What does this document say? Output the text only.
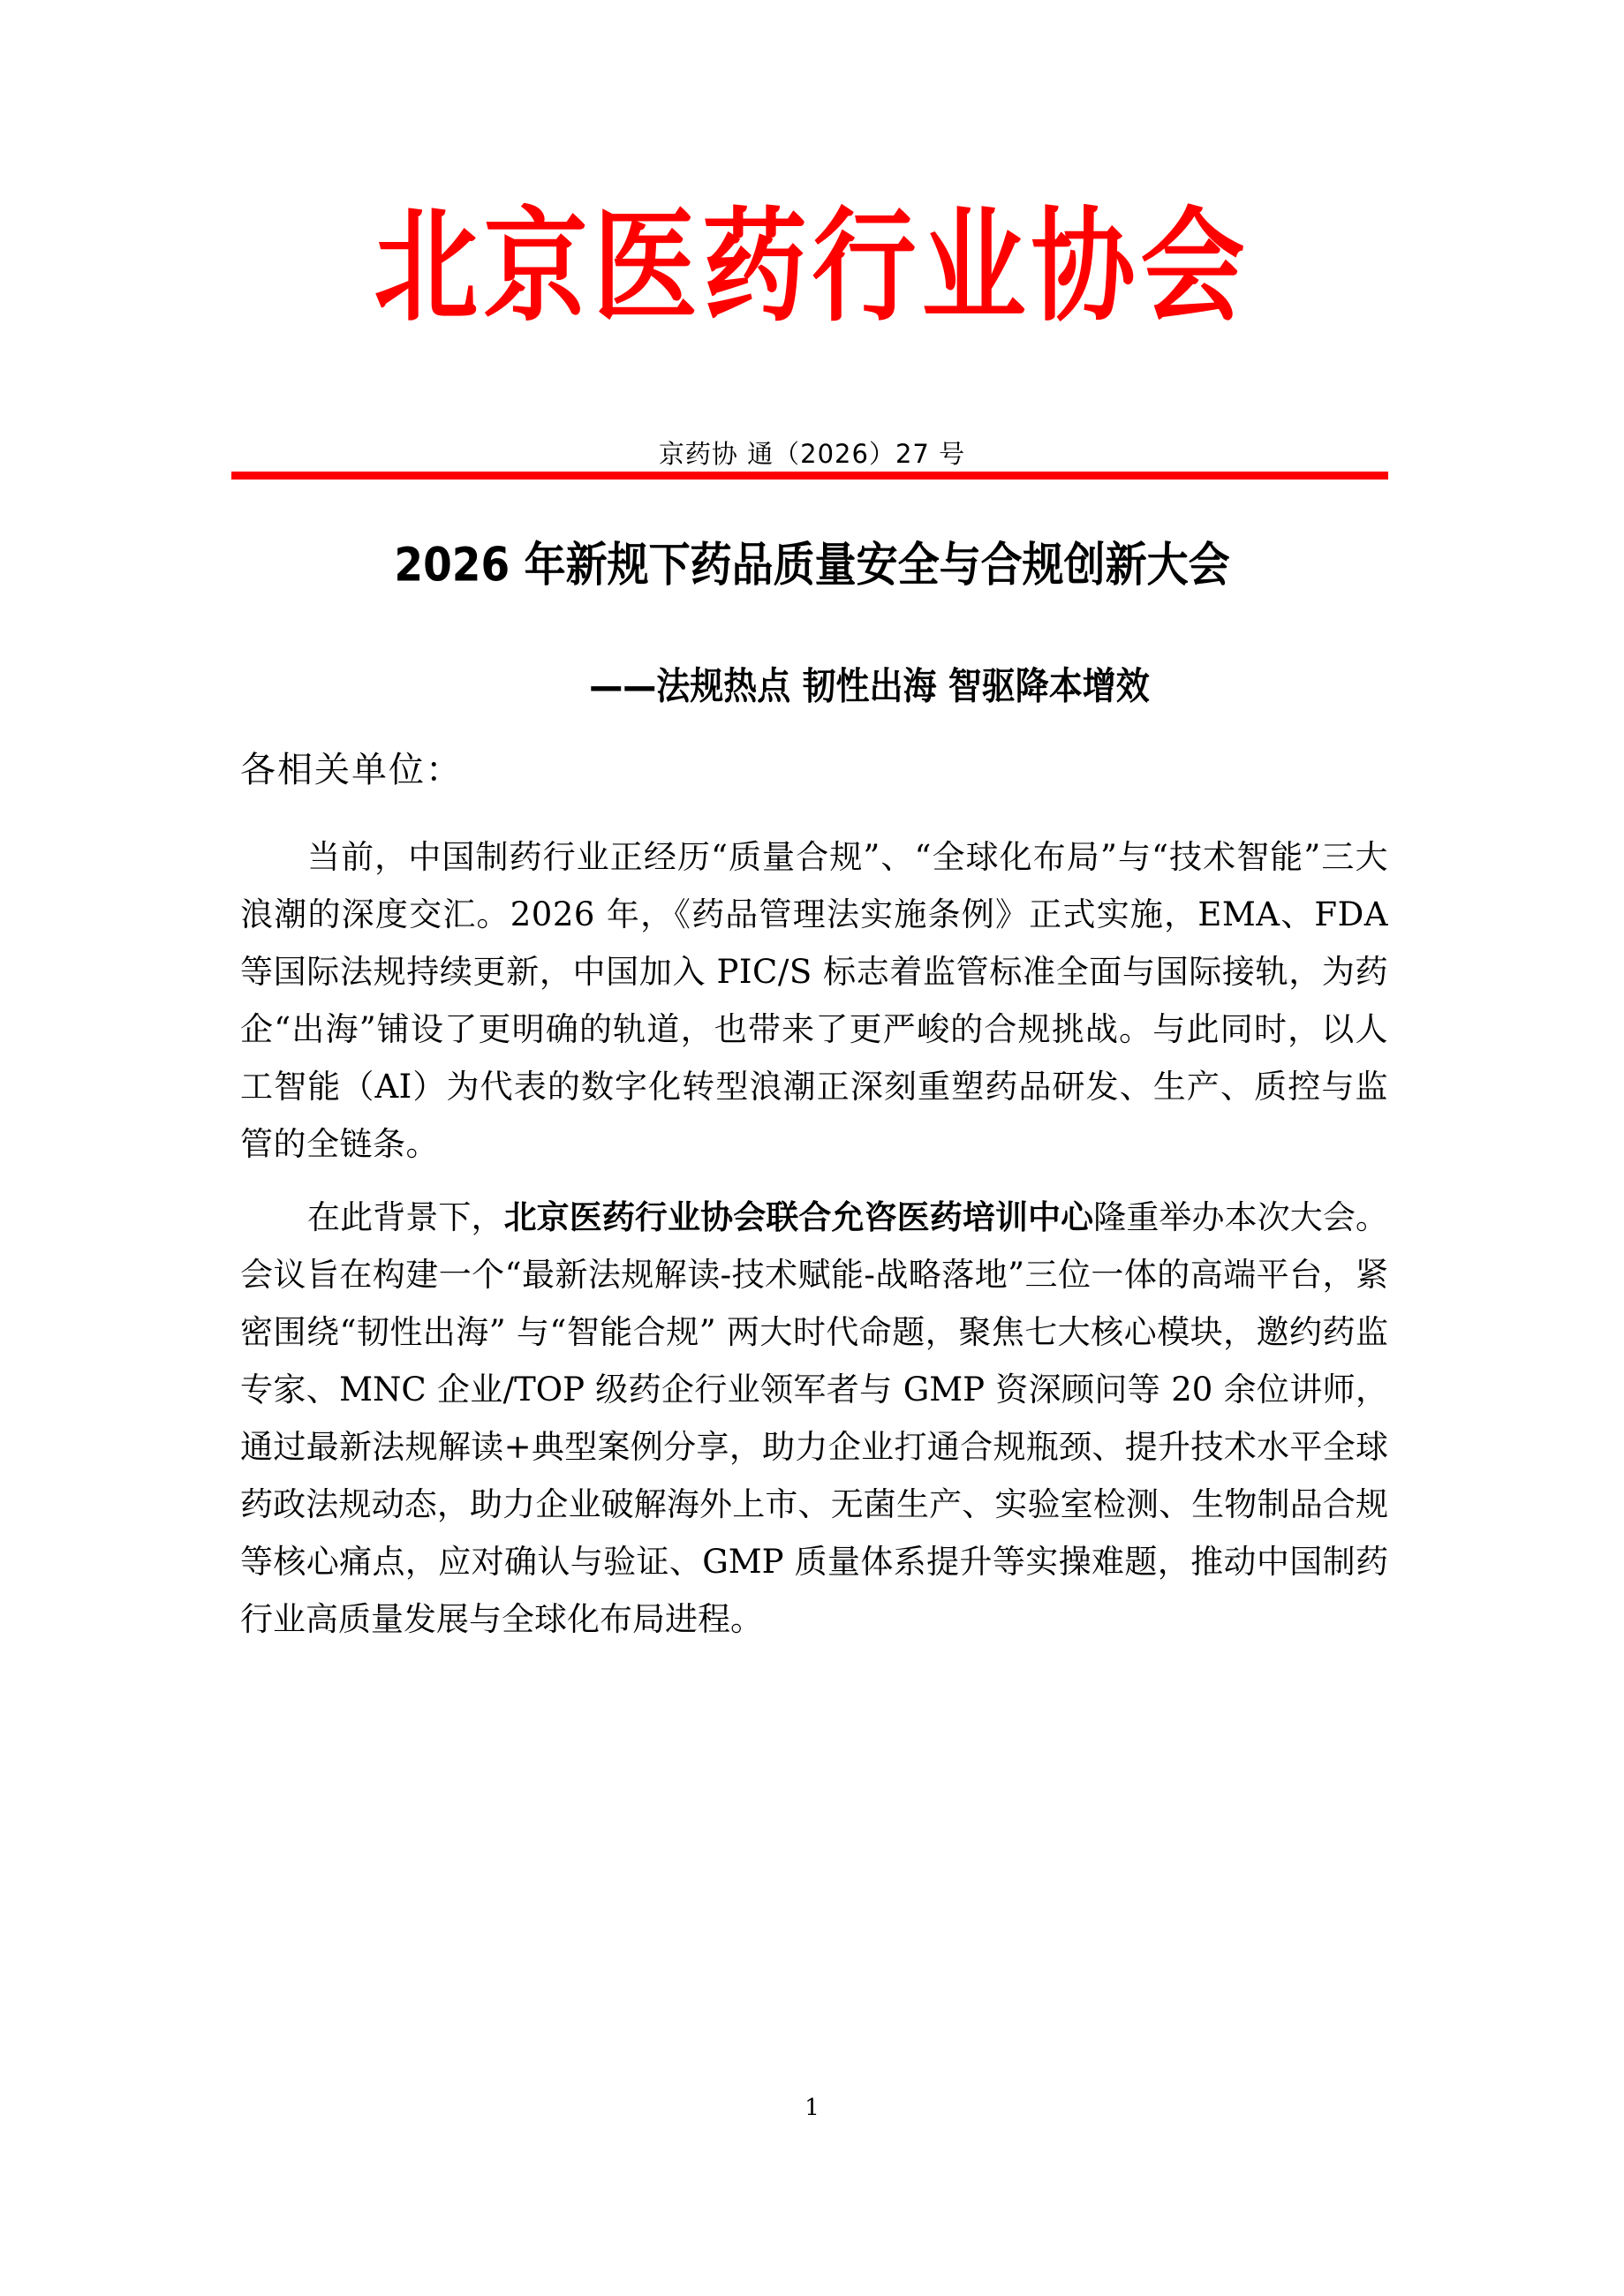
北京医药行业协会
京药协 通（2026）27 号
2026 年新规下药品质量安全与合规创新大会
——法规热点 韧性出海 智驱降本增效
各相关单位：

当前，中国制药行业正经历“质量合规”、“全球化布局”与“技术智能”三大浪潮的深度交汇。2026 年，《药品管理法实施条例》正式实施，EMA、FDA 等国际法规持续更新，中国加入 PIC/S 标志着监管标准全面与国际接轨，为药企“出海”铺设了更明确的轨道，也带来了更严峻的合规挑战。与此同时，以人工智能（AI）为代表的数字化转型浪潮正深刻重塑药品研发、生产、质控与监管的全链条。

在此背景下，北京医药行业协会联合允咨医药培训中心隆重举办本次大会。会议旨在构建一个“最新法规解读-技术赋能-战略落地”三位一体的高端平台，紧密围绕“韧性出海” 与“智能合规” 两大时代命题，聚焦七大核心模块，邀约药监专家、MNC 企业/TOP 级药企行业领军者与 GMP 资深顾问等 20 余位讲师，通过最新法规解读+典型案例分享，助力企业打通合规瓶颈、提升技术水平全球药政法规动态，助力企业破解海外上市、无菌生产、实验室检测、生物制品合规等核心痛点，应对确认与验证、GMP 质量体系提升等实操难题，推动中国制药行业高质量发展与全球化布局进程。

1
